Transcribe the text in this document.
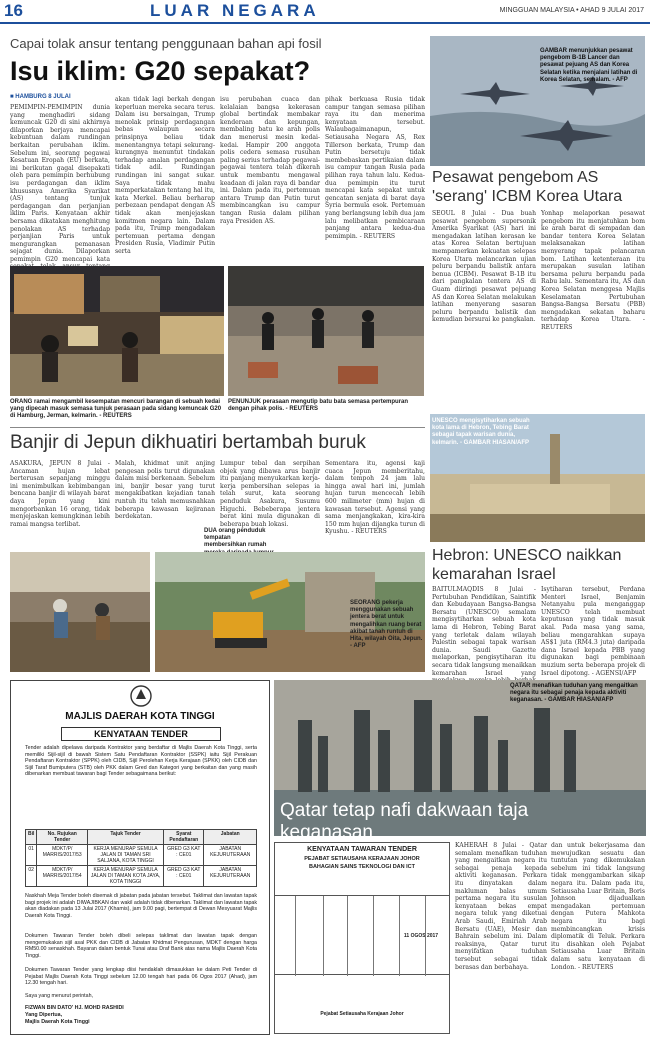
16	LUAR NEGARA	MINGGUAN MALAYSIA • AHAD 9 JULAI 2017
Capai tolak ansur tentang penggunaan bahan api fosil
Isu iklim: G20 sepakat?
■ HAMBURG 8 JULAI
PEMIMPIN-PEMIMPIN dunia yang menghadiri sidang kemuncak G20 di sini akhirnya dilaporkan berjaya mencapai kebuntuan dalam rundingan berkaitan perubahan iklim. Sebelum ini, seorang pegawai Kesatuan Eropah (EU) berkata, ini berikutan gagal disepakati oleh para pemimpin berhubung isu perdagangan dan iklim khususnya Amerika Syarikat (AS) tentang tunjuk perdagangan dan perjanjian iklim Paris. Kenyataan akhir bersama dikatakan menghitung penolakan AS terhadap perjanjian Paris untuk mengurangkan pemanasan sejagat dunia. Dilaporkan pemimpin G20 mencapai kata
akan tidak lagi berkah dengan keperluan mereka secara terus. Dalam isu bersaingan, Trump menolak prinsip perdagangan bebas walaupun secara prinsipnya beliau tidak menentangnya tetapi sekurang-kurangnya menuntut tindakan terhadap amalan perdagangan tidak adil. Rundingan rundingan ini sangat sukar. Saya tidak mahu memperkatakan tentang hal itu, kata Merkel. Beliau berharap perbezaan pendapat dengan AS tidak akan menjejaskan komitmen negara lain. Dalam pada itu, Trump mengadakan pertemuan pertama dengan Presiden Rusia, Vladimir Putin serta
isu perubahan cuaca dan kelalaian bangsa kekerasan global bertindak membakar kenderaan dan kepungan, membaling batu ke arah polis dan menerusi mesin kedai-kedai. Hampir 200 anggota polis cedera semasa rusuhan paling serius terhadap pegawai-pegawai tentera telah dikerah untuk membantu mengawal keadaan di jalan raya di bandar ini. Dalam pada itu, pertemuan antara Trump dan Putin turut membincangkan isu campur tangan Rusia dalam pilihan raya Presiden AS.
pihak berkuasa Rusia tidak campur tangan semasa pilihan raya itu dan menerima kenyataan tersebut. Walaubagaimanapun, Setiausaha Negara AS, Rex Tillerson berkata, Trump dan Putin bersetuju tidak membebaskan pertikaian dalam isu campur tangan Rusia pada pilihan raya tahun lalu. Kedua-dua pemimpin itu turut mencapai kata sepakat untuk gencatan senjata di barat daya Syria bermula esok. Pertemuan yang berlangsung lebih dua jam lalu melibatkan pembicaraan panjang antara kedua-dua pemimpin. - REUTERS
ORANG ramai mengambil kesempatan mencuri barangan di sebuah kedai yang dipecah masuk semasa tunjuk perasaan pada sidang kemuncak G20 di Hamburg, Jerman, kelmarin. - REUTERS
PENUNJUK perasaan mengutip batu bata semasa pertempuran dengan pihak polis. - REUTERS
GAMBAR menunjukkan pesawat pengebom B-1B Lancer dan pesawat pejuang AS dan Korea Selatan ketika menjalani latihan di Korea Selatan, semalam. - AFP
Pesawat pengebom AS 'serang' ICBM Korea Utara
SEOUL 8 Julai - Dua buah pesawat pengebom supersonik Amerika Syarikat (AS) hari ini mengadakan latihan kerasan ke atas Korea Selatan bertujuan mempamerkan kekuatan selepas Korea Utara melancarkan ujian peluru berpandu balistik antara benua (ICBM). Pesawat B-1B itu dari pangkalan tentera AS di Guam diiringi pesawat pejuang AS dan Korea Selatan melakukan latihan menyerang sasaran peluru berpandu balistik dan kemudian bersurai ke pangkalan.
Yonhap melaporkan pesawat pengebom itu menjatuhkan bom ke arah barat di sempadan dan bandar tentera Korea Selatan melaksanakan latihan menyerang tapak pelancaran bom. Latihan ketenteraan itu merupakan susulan latihan bersama peluru berpandu pada Rabu lalu. Sementara itu, AS dan Korea Selatan menggesa Majlis Keselamatan Pertubuhan Bangsa-Bangsa Bersatu (PBB) mengadakan sekatan baharu terhadap Korea Utara. - REUTERS
Banjir di Jepun dikhuatiri bertambah buruk
ASAKURA, JEPUN 8 Julai - Ancaman hujan lebat berterusan sepanjang minggu ini menimbulkan kebimbangan bencana banjir di wilayah barat daya Jepun yang kini mengorbankan 16 orang, tidak menjejaskan kemungkinan lebih ramai mangsa terlibat.
Malah, khidmat unit anjing pengesan polis turut digunakan dalam misi berkenaan. Sebelum ini, banjir besar yang turut mengakibatkan kejadian tanah runtuh itu telah memusnahkan beberapa kawasan kejiranan berdekatan.
Lumpur tebal dan serpihan objek yang dibawa arus banjir itu panjang menyukarkan kerja-kerja pembersihan selepas ia telah surut, kata seorang penduduk Asakura, Susumu Higuchi. Bebeberapa jentera berat kini mula digunakan di beberapa buah lokasi.
Sementara itu, agensi kaji cuaca Jepun memberitahu, dalam tempoh 24 jam lalu hingga awal hari ini, jumlah hujan turun mencecah lebih 600 milimeter (mm) hujan di kawasan tersebut. Agensi yang sama menjangkakan, kira-kira 150 mm hujan dijangka turun di Kyushu. - REUTERS
DUA orang penduduk tempatan membersihkan rumah
SEORANG pekerja menggunakan sebuah jentera berat untuk mengalihkan ruang berat akibat tanah runtuh di Hita, wilayah Oita, Jepun. - AFP
UNESCO mengisytiharkan sebuah kota lama di Hebron, Tebing Barat sebagai tapak warisan dunia, kelmarin. - GAMBAR HIASAN/AFP
Hebron: UNESCO naikkan kemarahan Israel
BAITULMAQDIS 8 Julai - Pertubuhan Pendidikan, Saintifik dan Kebudayaan Bangsa-Bangsa Bersatu (UNESCO) semalam mengisytiharkan sebuah kota lama di Hebron, Tebing Barat yang terletak dalam wilayah Palestin sebagai tapak warisan dunia. Saudi Gazette melaporkan, pengisytiharan itu secara tidak langsung menaikkan kemarahan Israel yang
Isytiharan tersebut, Perdana Menteri Israel, Benjamin Netanyahu pula menganggap UNESCO telah membuat keputusan yang tidak masuk akal. Pada masa yang sama, beliau mengarahkan supaya AS$1 juta (RM4.3 juta) daripada dana Israel kepada PBB yang digunakan bagi pembinaan muzium serta beberapa projek di Israel dipotong. - AGENSI/AFP
QATAR menafikan tuduhan yang mengaitkan negara itu sebagai penaja kepada aktiviti keganasan. - GAMBAR HIASAN/AFP
Qatar tetap nafi dakwaan taja keganasan
KAHERAH 8 Julai - Qatar semalam menafikan tuduhan yang mengaitkan negara itu sebagai penaja kepada aktiviti keganasan. Perkara itu dinyatakan dalam makluman balas umum pertama negara itu susulan kenyataan bekas empat negara teluk yang diketuai Arab Saudi, Emiriah Arab Bersatu (UAE), Mesir dan Bahrain sebelum ini. Dalam reaksinya, Qatar turut menyifatkan tuduhan tersebut sebagai tidak berasas dan berbahaya.
dan untuk bekerjasama dan mewujudkan sesuatu dan tuntutan yang dikemukakan sebelum ini tidak langsung tidak menggambarkan sikap negara itu. Dalam pada itu, Setiausaha Luar Britain, Boris Johnson dijadualkan mengadakan pertemuan dengan Putera Mahkota negara itu bagi membincangkan krisis diplomatik di Teluk. Perkara itu disahkan oleh Pejabat Setiausaha Luar Britain dalam satu kenyataan di London. - REUTERS
KENYATAAN TAWARAN TENDER
PEJABAT SETIAUSAHA KERAJAAN JOHOR
BAHAGIAN SAINS TEKNOLOGI DAN ICT
11 OGOS 2017
Pejabat Setiausaha Kerajaan Johor
MAJLIS DAERAH KOTA TINGGI
KENYATAAN TENDER
Tender adalah dipelawa daripada Kontraktor yang berdaftar di Majlis Daerah Kota Tinggi, serta memiliki Sijil-sijil di bawah Sistem Satu Pendaftaran Kontraktor (SSPK) iaitu Sijil Perakuan Pendaftaran Kontraktor (SPPK) oleh CIDB, Sijil Perolehan Kerja Kerajaan (SPKK) oleh CIDB dan Sijil Taraf Bumiputera (STB) oleh PKK dalam Gred dan Kategori yang berkaitan dan yang masih dibenarkan membuat tawaran bagi Tender sebagaimana berikut:
Bil	No. Rujukan Tender	Tajuk Tender	Syarat Pendaftaran	Jabatan
01	MDKT/P/ MARRIS/2017/53	KERJA MENURAP SEMULA JALAN DI TAMAN SRI SALJANA, KOTA TINGGI	GRED G3 KAT : CE01	JABATAN KEJURUTERAAN
02	MDKT/P/ MARRIS/2017/54	KERJA MENURAP SEMULA JALAN DI TAMAN KOTA JAYA, KOTA TINGGI	GRED G3 KAT : CE01	JABATAN KEJURUTERAAN
Naskhah Meja Tender boleh disemak di jabatan pada jabatan tersebut. Taklimat dan lawatan tapak bagi projek ini adalah DIWAJIBKAN dan wakil adalah tidak dibenarkan. Taklimat dan lawatan tapak akan diadakan pada 13 Julai 2017 (Khamis), jam 9.00 pagi, bertempat di Dewan Mesyuarat Majlis Daerah Kota Tinggi.
Dokumen Tawaran Tender boleh dibeli selepas taklimat dan lawatan tapak dengan mengemukakan sijil asal PKK dan CIDB di Jabatan Khidmat Pengurusan, MDKT dengan harga RM50.00 senaskhah. Bayaran dalam bentuk Tunai atau Draf Bank atas nama Majlis Daerah Kota Tinggi.
Dokumen Tawaran Tender yang lengkap diisi hendaklah dimasukkan ke dalam Peti Tender di Pejabat Majlis Daerah Kota Tinggi sebelum 12.00 tengah hari pada 06 Ogos 2017 (Ahad), jam 12.30 tengah hari.
Saya yang menurut perintah,
FIZWAN BIN DATO' HJ. MOHD RASHIDI
Yang Dipertua,
Majlis Daerah Kota Tinggi
